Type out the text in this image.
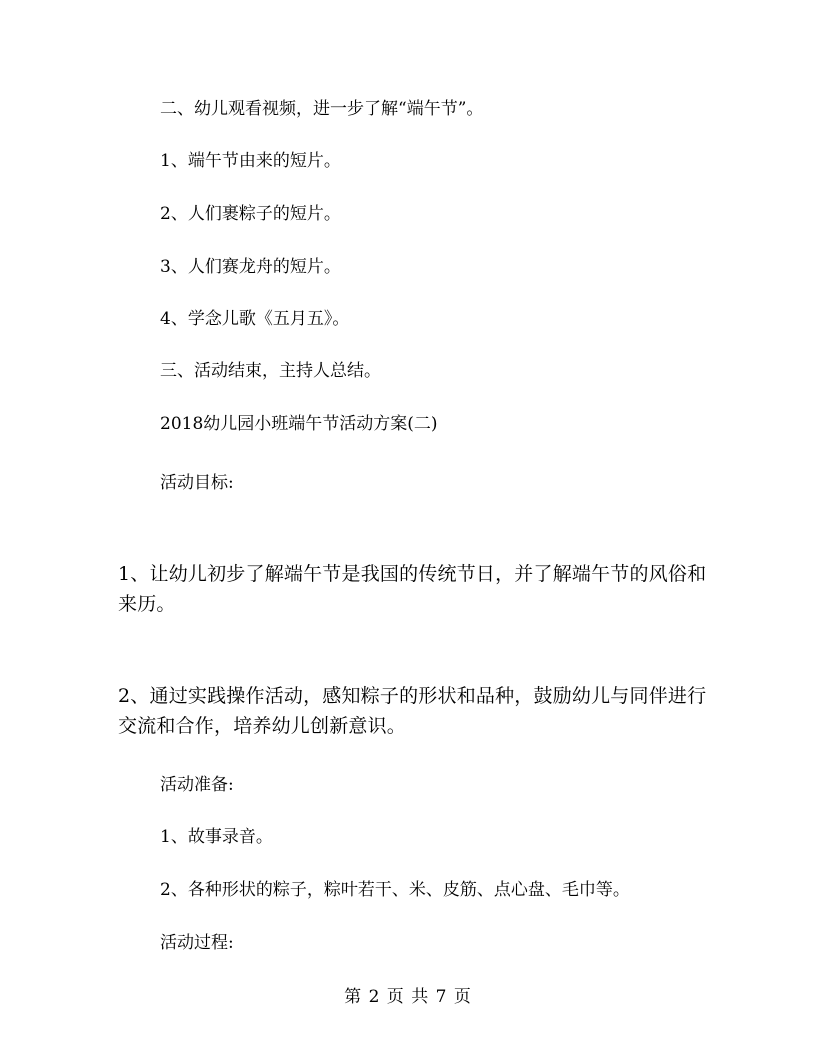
二、幼儿观看视频，进一步了解“端午节”。

1、端午节由来的短片。

2、人们裹粽子的短片。

3、人们赛龙舟的短片。

4、学念儿歌《五月五》。

三、活动结束，主持人总结。

2018幼儿园小班端午节活动方案(二)

活动目标:

1、让幼儿初步了解端午节是我国的传统节日，并了解端午节的风俗和
来历。

2、通过实践操作活动，感知粽子的形状和品种，鼓励幼儿与同伴进行
交流和合作，培养幼儿创新意识。

活动准备:

1、故事录音。

2、各种形状的粽子，粽叶若干、米、皮筋、点心盘、毛巾等。

活动过程:

第 2 页 共 7 页
